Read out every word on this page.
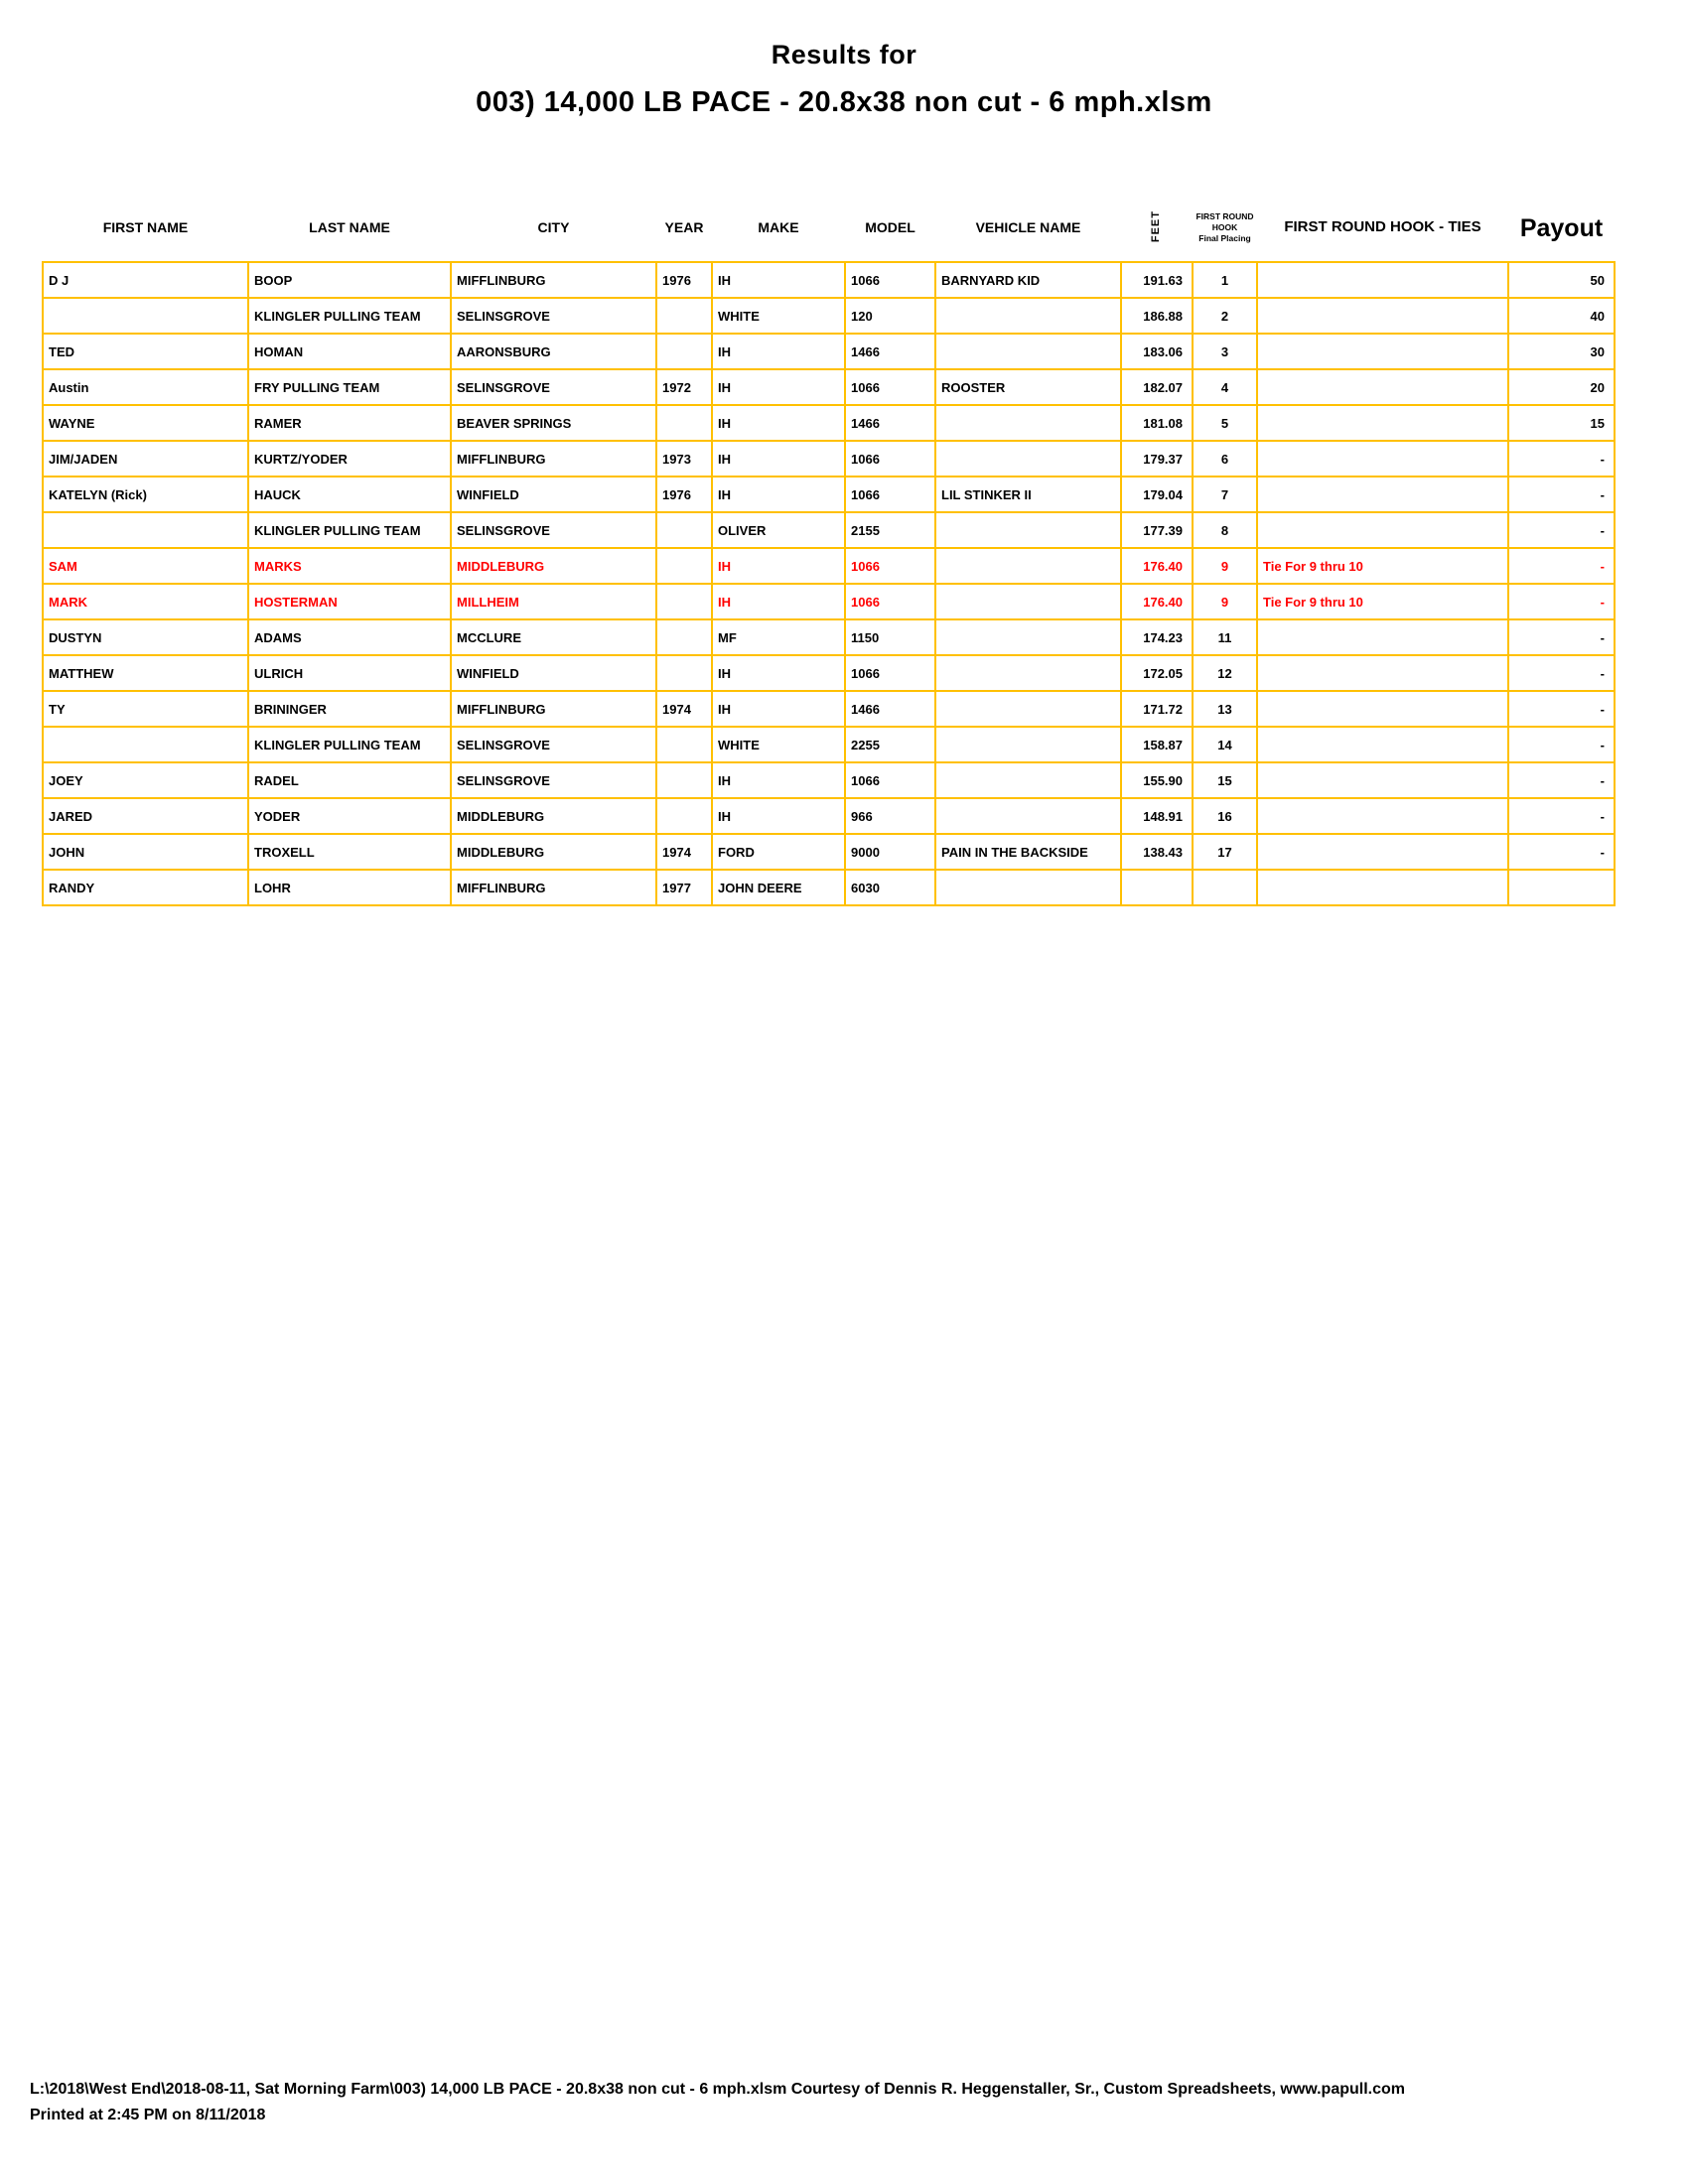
Results for
003) 14,000 LB PACE - 20.8x38 non cut - 6 mph.xlsm
FIRST NAME	LAST NAME	CITY	YEAR	MAKE	MODEL	VEHICLE NAME	FEET	FIRST ROUND
HOOK
Final Placing	FIRST ROUND HOOK - TIES	Payout
D J	BOOP	MIFFLINBURG	1976	IH	1066	BARNYARD KID	191.63	1		50
	KLINGLER PULLING TEAM	SELINSGROVE		WHITE	120		186.88	2		40
TED	HOMAN	AARONSBURG		IH	1466		183.06	3		30
Austin	FRY PULLING TEAM	SELINSGROVE	1972	IH	1066	ROOSTER	182.07	4		20
WAYNE	RAMER	BEAVER SPRINGS		IH	1466		181.08	5		15
JIM/JADEN	KURTZ/YODER	MIFFLINBURG	1973	IH	1066		179.37	6		-
KATELYN (Rick)	HAUCK	WINFIELD	1976	IH	1066	LIL STINKER II	179.04	7		-
	KLINGLER PULLING TEAM	SELINSGROVE		OLIVER	2155		177.39	8		-
SAM	MARKS	MIDDLEBURG		IH	1066		176.40	9	Tie For 9 thru 10	-
MARK	HOSTERMAN	MILLHEIM		IH	1066		176.40	9	Tie For 9 thru 10	-
DUSTYN	ADAMS	MCCLURE		MF	1150		174.23	11		-
MATTHEW	ULRICH	WINFIELD		IH	1066		172.05	12		-
TY	BRININGER	MIFFLINBURG	1974	IH	1466		171.72	13		-
	KLINGLER PULLING TEAM	SELINSGROVE		WHITE	2255		158.87	14		-
JOEY	RADEL	SELINSGROVE		IH	1066		155.90	15		-
JARED	YODER	MIDDLEBURG		IH	966		148.91	16		-
JOHN	TROXELL	MIDDLEBURG	1974	FORD	9000	PAIN IN THE BACKSIDE	138.43	17		-
RANDY	LOHR	MIFFLINBURG	1977	JOHN DEERE	6030					
L:\2018\West End\2018-08-11, Sat Morning Farm\003) 14,000 LB PACE - 20.8x38 non cut - 6 mph.xlsm Courtesy of Dennis R. Heggenstaller, Sr., Custom Spreadsheets, www.papull.com
Printed at 2:45 PM on 8/11/2018
